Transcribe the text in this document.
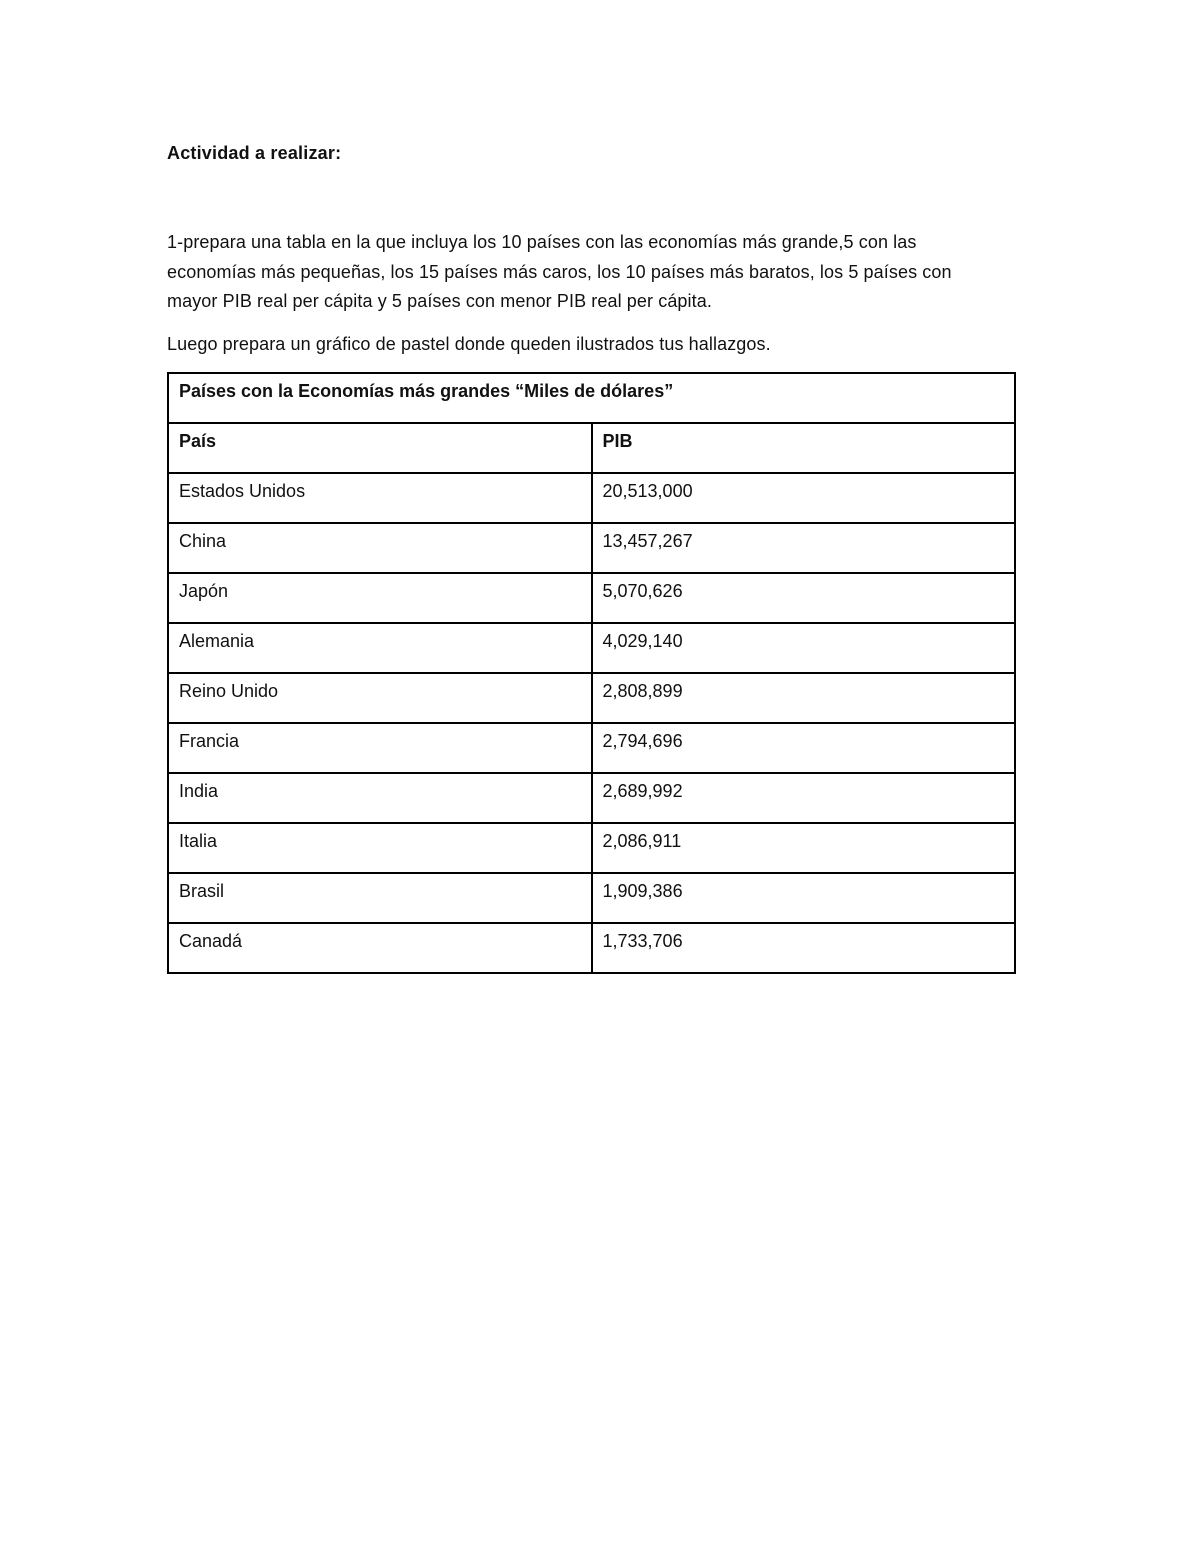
Actividad a realizar:
1-prepara una tabla en la que incluya los 10 países con las economías más grande,5 con las
economías más pequeñas, los 15 países más caros, los 10 países más baratos, los 5 países con
mayor PIB real per cápita y 5 países con menor PIB real per cápita.
Luego prepara un gráfico de pastel donde queden ilustrados tus hallazgos.
Países con la Economías más grandes “Miles de dólares”	
País	PIB
Estados Unidos	20,513,000
China	13,457,267
Japón	5,070,626
Alemania	4,029,140
Reino Unido	2,808,899
Francia	2,794,696
India	2,689,992
Italia	2,086,911
Brasil	1,909,386
Canadá	1,733,706
